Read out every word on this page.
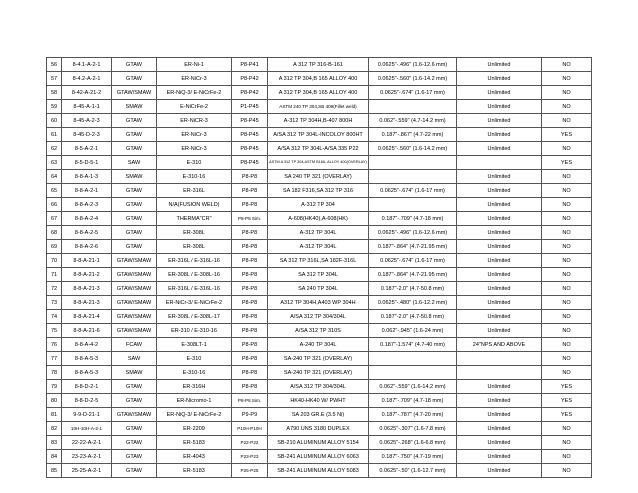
56	8-4.1-A-2-1	GTAW	ER-Ni-1	P8-P41	A 312 TP 316-B-161	0.0625"-.496" (1.6-12.6 mm)	Unlimited	NO
57	8-4.2-A-2-1	GTAW	ER-NiCr-3	P8-P42	A 312 TP 304,B 165 ALLOY 400	0.0625"-.560" (1.6-14.2 mm)	Unlimited	NO
58	8-42-A-21-2	GTAW/SMAW	ER-NiQ-3/ E-NiCrFe-2	P8-P42	A 312 TP 304,B 165 ALLOY 400	0.0625"-.674" (1.6-17 mm)	Unlimited	NO
59	8-45-A-1-1	SMAW	E-NiCrFe-2	P1-P45	ASTM 240 TP 304,SB 409(Fillet weld)		Unlimited	NO
60	8-45-A-2-3	GTAW	ER-NiCR-3	P8-P45	A-312 TP 304H,B-407 800H	0.062"-.559" (4.7-14.2 mm)	Unlimited	NO
61	8-45-D-2-3	GTAW	ER-NiCr-3	P8-P45	A/SA 312 TP 304L-INCOLOY 800HT	0.187"-.867" (4.7-22 mm)	Unlimited	YES
62	8-5-A-2-1	GTAW	ER-NiCr-3	P8-P45	A/SA 312 TP 304L-A/SA 335 P22	0.0625"-.560" (1.6-14.2 mm)	Unlimited	NO
63	8-5-D-5-1	SAW	E-310	P8-P45	ASTM A 312 TP 304,ASTM B166- ALLOY 400(OVERLAY)			YES
64	8-8-A-1-3	SMAW	E-310-16	P8-P8	SA 240 TP 321 (OVERLAY)		Unlimited	NO
65	8-8-A-2-1	GTAW	ER-316L	P8-P8	SA 182 F316,SA 312 TP 316	0.0625"-.674" (1.6-17 mm)	Unlimited	NO
66	8-8-A-2-3	GTAW	N/A(FUSION WELD)	P8-P8	A-312 TP 304		Unlimited	NO
67	8-8-A-2-4	GTAW	THERMA"CR"	P8-P8 Sim.	A-608(HK40),A-608(HK)	0.187"-.709" (4.7-18 mm)	Unlimited	NO
68	8-8-A-2-5	GTAW	ER-308L	P8-P8	A-312 TP 304L	0.0625"-.496" (1.6-12.6 mm)	Unlimited	NO
69	8-8-A-2-6	GTAW	ER-308L	P8-P8	A-312 TP 304L	0.187"-.864" (4.7-21.95 mm)	Unlimited	NO
70	8-8-A-21-1	GTAW/SMAW	ER-316L / E-316L-16	P8-P8	SA 312 TP 316L,SA 182F-316L	0.0625"-.674" (1.6-17 mm)	Unlimited	NO
71	8-8-A-21-2	GTAW/SMAW	ER-308L / E-308L-16	P8-P8	SA 312 TP 304L	0.187"-.864" (4.7-21.95 mm)	Unlimited	NO
72	8-8-A-21-3	GTAW/SMAW	ER-316L / E-316L-16	P8-P8	SA 240 TP 304L	0.187"-2.0" (4.7-50.8 mm)	Unlimited	NO
73	8-8-A-21-3	GTAW/SMAW	ER-NiCr-3/ E-NiCrFe-2	P8-P8	A312 TP 304H,A403 WP 304H	0.0625"-.480" (1.6-12.2 mm)	Unlimited	NO
74	8-8-A-21-4	GTAW/SMAW	ER-308L / E-308L-17	P8-P8	A/SA 312 TP 304/304L	0.187"-2.0" (4.7-50.8 mm)	Unlimited	NO
75	8-8-A-21-6	GTAW/SMAW	ER-310 / E-310-16	P8-P8	A/SA 312 TP 310S	0.062"-.945" (1.6-24 mm)	Unlimited	NO
76	8-8-A-4-2	FCAW	E-308LT-1	P8-P8	A-240 TP 304L	0.187"-1.574" (4.7-40 mm)	24"NPS AND ABOVE	NO
77	8-8-A-5-3	SAW	E-310	P8-P8	SA-240 TP 321 (OVERLAY)			NO
78	8-8-A-5-3	SMAW	E-310-16	P8-P8	SA-240 TP 321 (OVERLAY)			NO
79	8-8-D-2-1	GTAW	ER-316H	P8-P8	A/SA 312 TP 304/304L	0.062"-.559" (1.6-14.2 mm)	Unlimited	YES
80	8-8-D-2-5	GTAW	ER-Nicromo-1	P8-P8 Sim.	HK40-HK40 W/ PWHT	0.187"-.709" (4.7-18 mm)	Unlimited	YES
81	9-9-D-21-1	GTAW/SMAW	ER-NiQ-3/ E-NiCrFe-2	P9-P9	SA 203 GR.E (3.5 Ni)	0.187"-.787" (4.7-20 mm)	Unlimited	YES
82	10H-10H-A-2-1	GTAW	ER-2209	P10H-P10H	A790 UNS 3180 DUPLEX	0.0625"-.307" (1.6-7.8 mm)	Unlimited	NO
83	22-22-A-2-1	GTAW	ER-5183	P22-P22	SB-210 ALUMINUM ALLOY 5154	0.0625"-.268" (1.6-6.8 mm)	Unlimited	NO
84	23-23-A-2-1	GTAW	ER-4043	P23-P23	SB-241 ALUMINUM ALLOY 6063	0.187"-.750" (4.7-19 mm)	Unlimited	NO
85	25-25-A-2-1	GTAW	ER-5183	P25-P25	SB-241 ALUMINUM ALLOY 5083	0.0625"-.50" (1.6-12.7 mm)	Unlimited	NO
